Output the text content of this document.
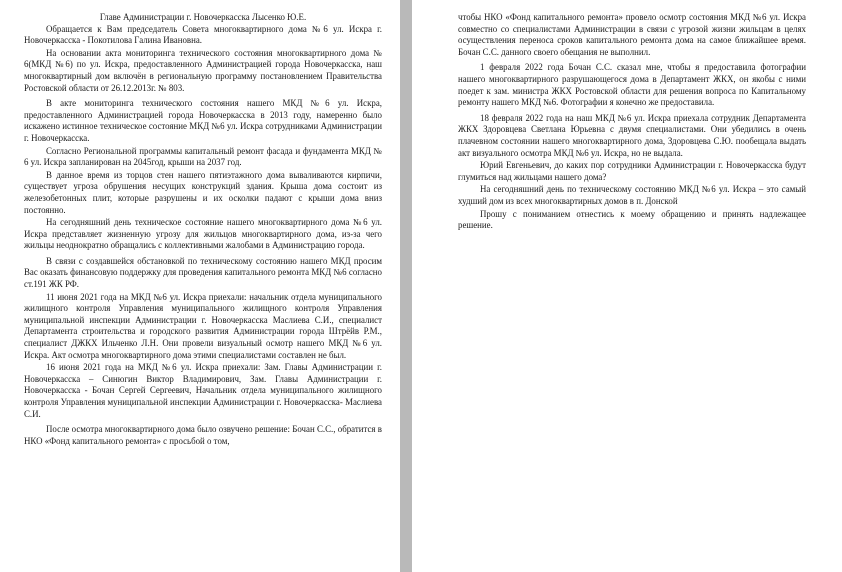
Главе Администрации г. Новочеркасска Лысенко Ю.Е.

Обращается к Вам председатель Совета многоквартирного дома №6 ул. Искра г. Новочеркасска - Покотилова Галина Ивановна.

На основании акта мониторинга технического состояния многоквартирного дома № 6(МКД №6) по ул. Искра, предоставленного Администрацией города Новочеркасска, наш многоквартирный дом включён в региональную программу постановлением Правительства Ростовской области от 26.12.2013г. № 803.

В акте мониторинга технического состояния нашего МКД №6 ул. Искра, предоставленного Администрацией города Новочеркасска в 2013 году, намеренно было искажено истинное техническое состояние МКД №6 ул. Искра сотрудниками Администрации г. Новочеркасска.

Согласно Региональной программы капитальный ремонт фасада и фундамента МКД № 6 ул. Искра запланирован на 2045год, крыши на 2037 год.

В данное время из торцов стен нашего пятиэтажного дома вываливаются кирпичи, существует угроза обрушения несущих конструкций здания. Крыша дома состоит из железобетонных плит, которые разрушены и их осколки падают с крыши дома вниз постоянно.

На сегодняшний день техническое состояние нашего многоквартирного дома №6 ул. Искра представляет жизненную угрозу для жильцов многоквартирного дома, из-за чего жильцы неоднократно обращались с коллективными жалобами в Администрацию города.

В связи с создавшейся обстановкой по техническому состоянию нашего МКД просим Вас оказать финансовую поддержку для проведения капитального ремонта МКД №6 согласно ст.191 ЖК РФ.

11 июня 2021 года на МКД №6 ул. Искра приехали: начальник отдела муниципального жилищного контроля Управления муниципального жилищного контроля Управления муниципальной инспекции Администрации г. Новочеркасска Маслиева С.И., специалист Департамента строительства и городского развития Администрации города Штрёйв Р.М., специалист ДЖКХ Ильченко Л.Н. Они провели визуальный осмотр нашего МКД №6 ул. Искра. Акт осмотра многоквартирного дома этими специалистами составлен не был.

16 июня 2021 года на МКД №6 ул. Искра приехали: Зам. Главы Администрации г. Новочеркасска – Синюгин Виктор Владимирович, Зам. Главы Администрации г. Новочеркасска - Бочан Сергей Сергеевич, Начальник отдела муниципального жилищного контроля Управления муниципальной инспекции Администрации г. Новочеркасска- Маслиева С.И.

После осмотра многоквартирного дома было озвучено решение: Бочан С.С., обратится в НКО «Фонд капитального ремонта» с просьбой о том,

чтобы НКО «Фонд капитального ремонта» провело осмотр состояния МКД №6 ул. Искра совместно со специалистами Администрации в связи с угрозой жизни жильцам в целях осуществления переноса сроков капитального ремонта дома на самое ближайшее время. Бочан С.С. данного своего обещания не выполнил.

1 февраля 2022 года Бочан С.С. сказал мне, чтобы я предоставила фотографии нашего многоквартирного разрушающегося дома в Департамент ЖКХ, он якобы с ними поедет к зам. министра ЖКХ Ростовской области для решения вопроса по Капитальному ремонту нашего МКД №6. Фотографии я конечно же предоставила.

18 февраля 2022 года на наш МКД №6 ул. Искра приехала сотрудник Департамента ЖКХ Здоровцева Светлана Юрьевна с двумя специалистами. Они убедились в очень плачевном состоянии нашего многоквартирного дома, Здоровцева С.Ю. пообещала выдать акт визуального осмотра МКД №6 ул. Искра, но не выдала.

Юрий Евгеньевич, до каких пор сотрудники Администрации г. Новочеркасска будут глумиться над жильцами нашего дома?

На сегодняшний день по техническому состоянию МКД №6 ул. Искра – это самый худший дом из всех многоквартирных домов в п. Донской

Прошу с пониманием отнестись к моему обращению и принять надлежащее решение.
